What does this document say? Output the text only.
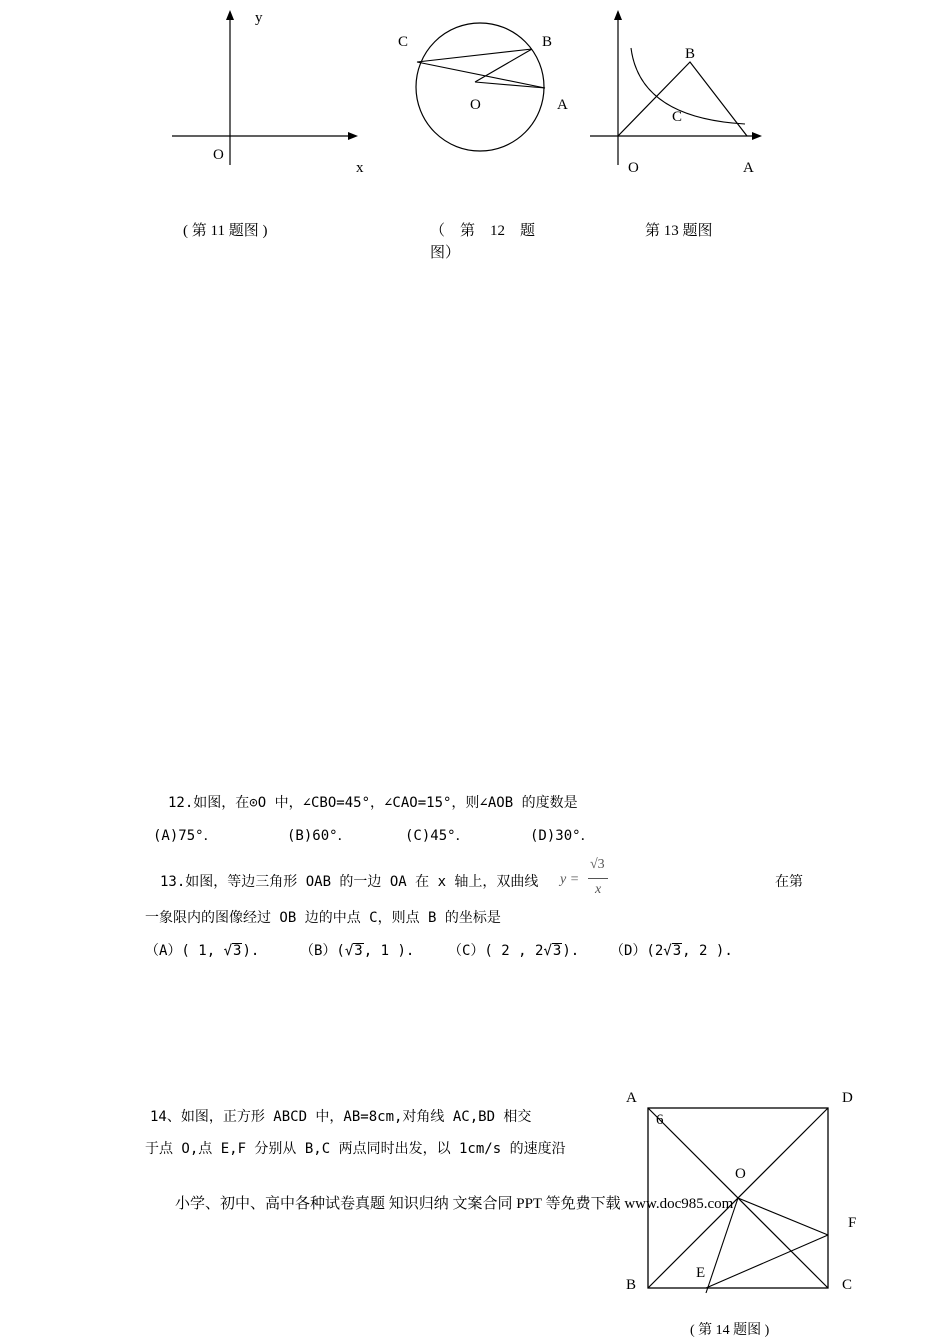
y
O
x
( 第 11 题图 )
C	B
O	A
（　第　12　题
图）
B
C
O	A
第 13 题图
12.如图，在⊙O 中，∠CBO=45°，∠CAO=15°，则∠AOB 的度数是
(A)75°．	(B)60°．	(C)45°．	(D)30°．
13.如图，等边三角形 OAB 的一边 OA 在 x 轴上，双曲线 y =
√3
x	在第
一象限内的图像经过 OB 边的中点 C，则点 B 的坐标是
（A）( 1, √3).	（B）(√3, 1 ). （C）( 2 , 2√3). （D）(2√3, 2 ).
14、如图，正方形 ABCD 中，AB=8cm,对角线 AC,BD 相交
于点 O,点 E,F 分别从 B,C 两点同时出发，以 1cm/s 的速度沿
A	D
6
O
F
B
E
C
( 第 14 题图 )
小学、初中、高中各种试卷真题 知识归纳 文案合同 PPT 等免费下载 www.doc985.com
